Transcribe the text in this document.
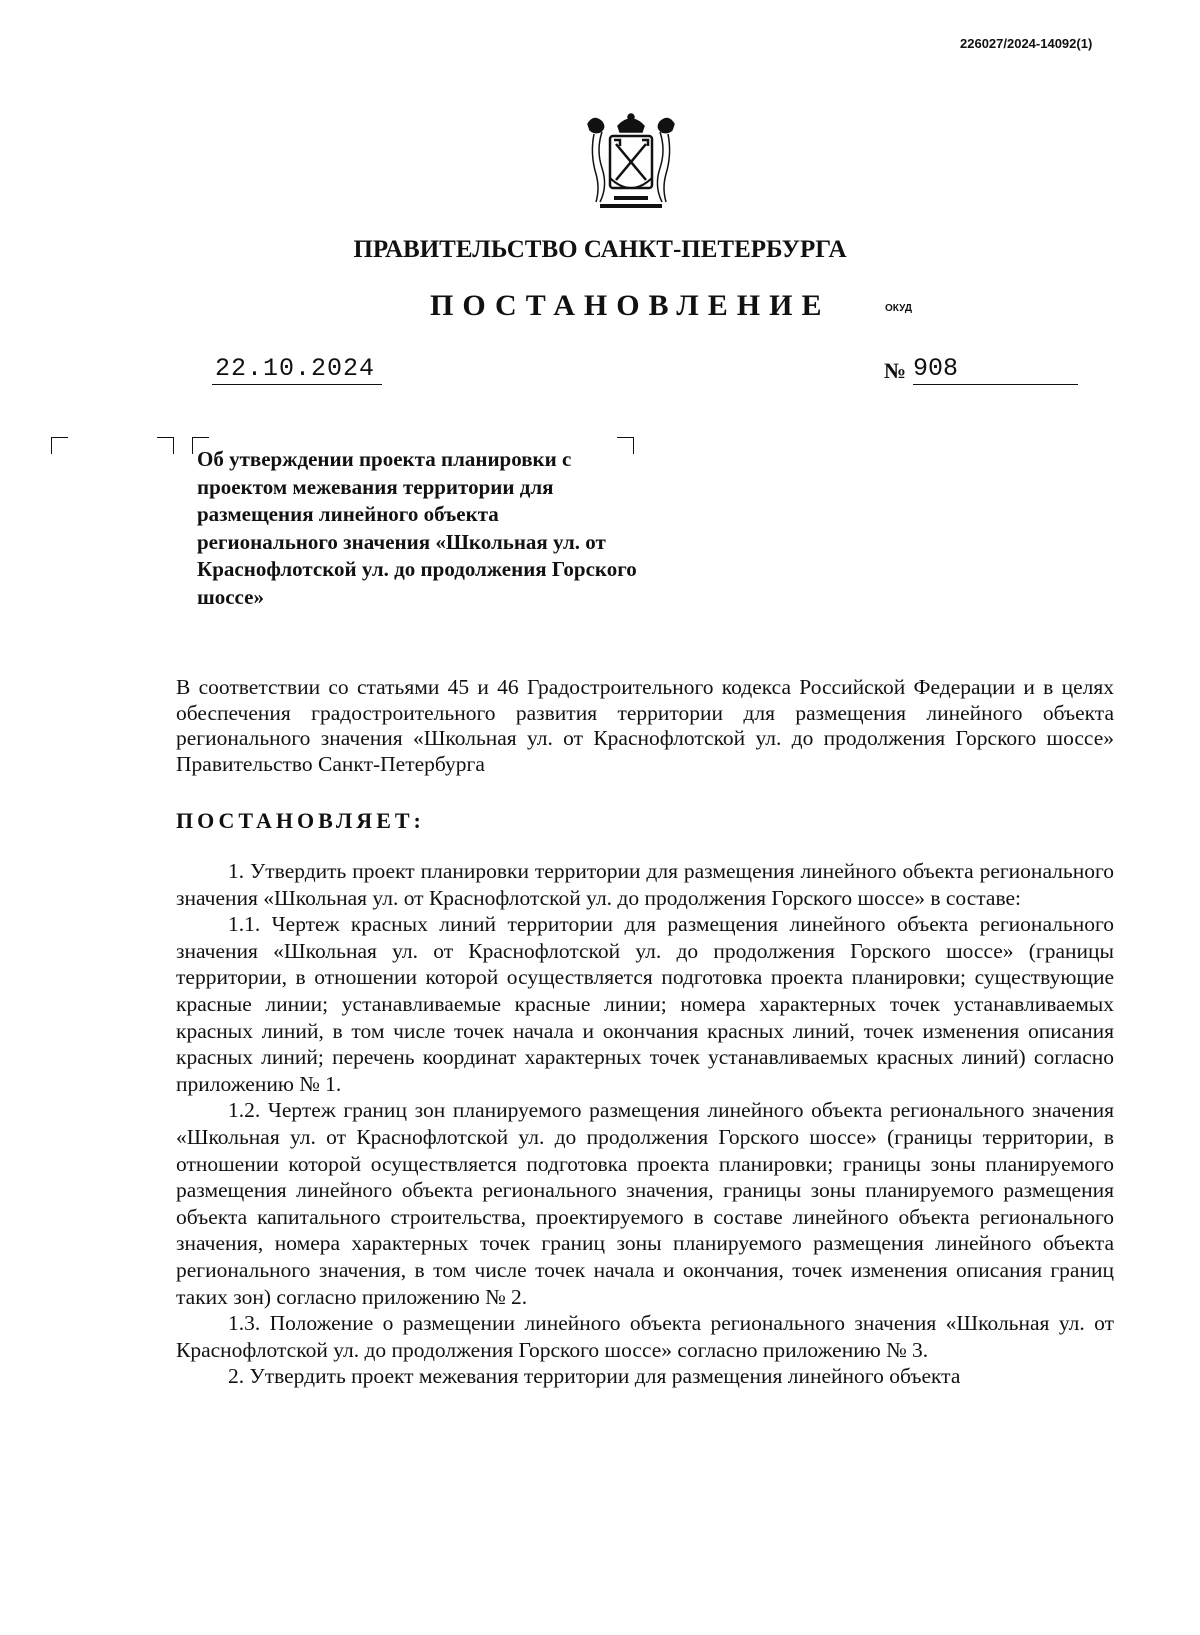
226027/2024-14092(1)
ПРАВИТЕЛЬСТВО САНКТ-ПЕТЕРБУРГА
ПОСТАНОВЛЕНИЕ	ОКУД
22.10.2024	№ 908
Об утверждении проекта планировки с проектом межевания территории для размещения линейного объекта регионального значения «Школьная ул. от Краснофлотской ул. до продолжения Горского шоссе»
В соответствии со статьями 45 и 46 Градостроительного кодекса Российской Федерации и в целях обеспечения градостроительного развития территории для размещения линейного объекта регионального значения «Школьная ул. от Краснофлотской ул. до продолжения Горского шоссе» Правительство Санкт-Петербурга
ПОСТАНОВЛЯЕТ:

1. Утвердить проект планировки территории для размещения линейного объекта регионального значения «Школьная ул. от Краснофлотской ул. до продолжения Горского шоссе» в составе:

1.1. Чертеж красных линий территории для размещения линейного объекта регионального значения «Школьная ул. от Краснофлотской ул. до продолжения Горского шоссе» (границы территории, в отношении которой осуществляется подготовка проекта планировки; существующие красные линии; устанавливаемые красные линии; номера характерных точек устанавливаемых красных линий, в том числе точек начала и окончания красных линий, точек изменения описания красных линий; перечень координат характерных точек устанавливаемых красных линий) согласно приложению № 1.

1.2. Чертеж границ зон планируемого размещения линейного объекта регионального значения «Школьная ул. от Краснофлотской ул. до продолжения Горского шоссе» (границы территории, в отношении которой осуществляется подготовка проекта планировки; границы зоны планируемого размещения линейного объекта регионального значения, границы зоны планируемого размещения объекта капитального строительства, проектируемого в составе линейного объекта регионального значения, номера характерных точек границ зоны планируемого размещения линейного объекта регионального значения, в том числе точек начала и окончания, точек изменения описания границ таких зон) согласно приложению № 2.

1.3. Положение о размещении линейного объекта регионального значения «Школьная ул. от Краснофлотской ул. до продолжения Горского шоссе» согласно приложению № 3.

2. Утвердить проект межевания территории для размещения линейного объекта
